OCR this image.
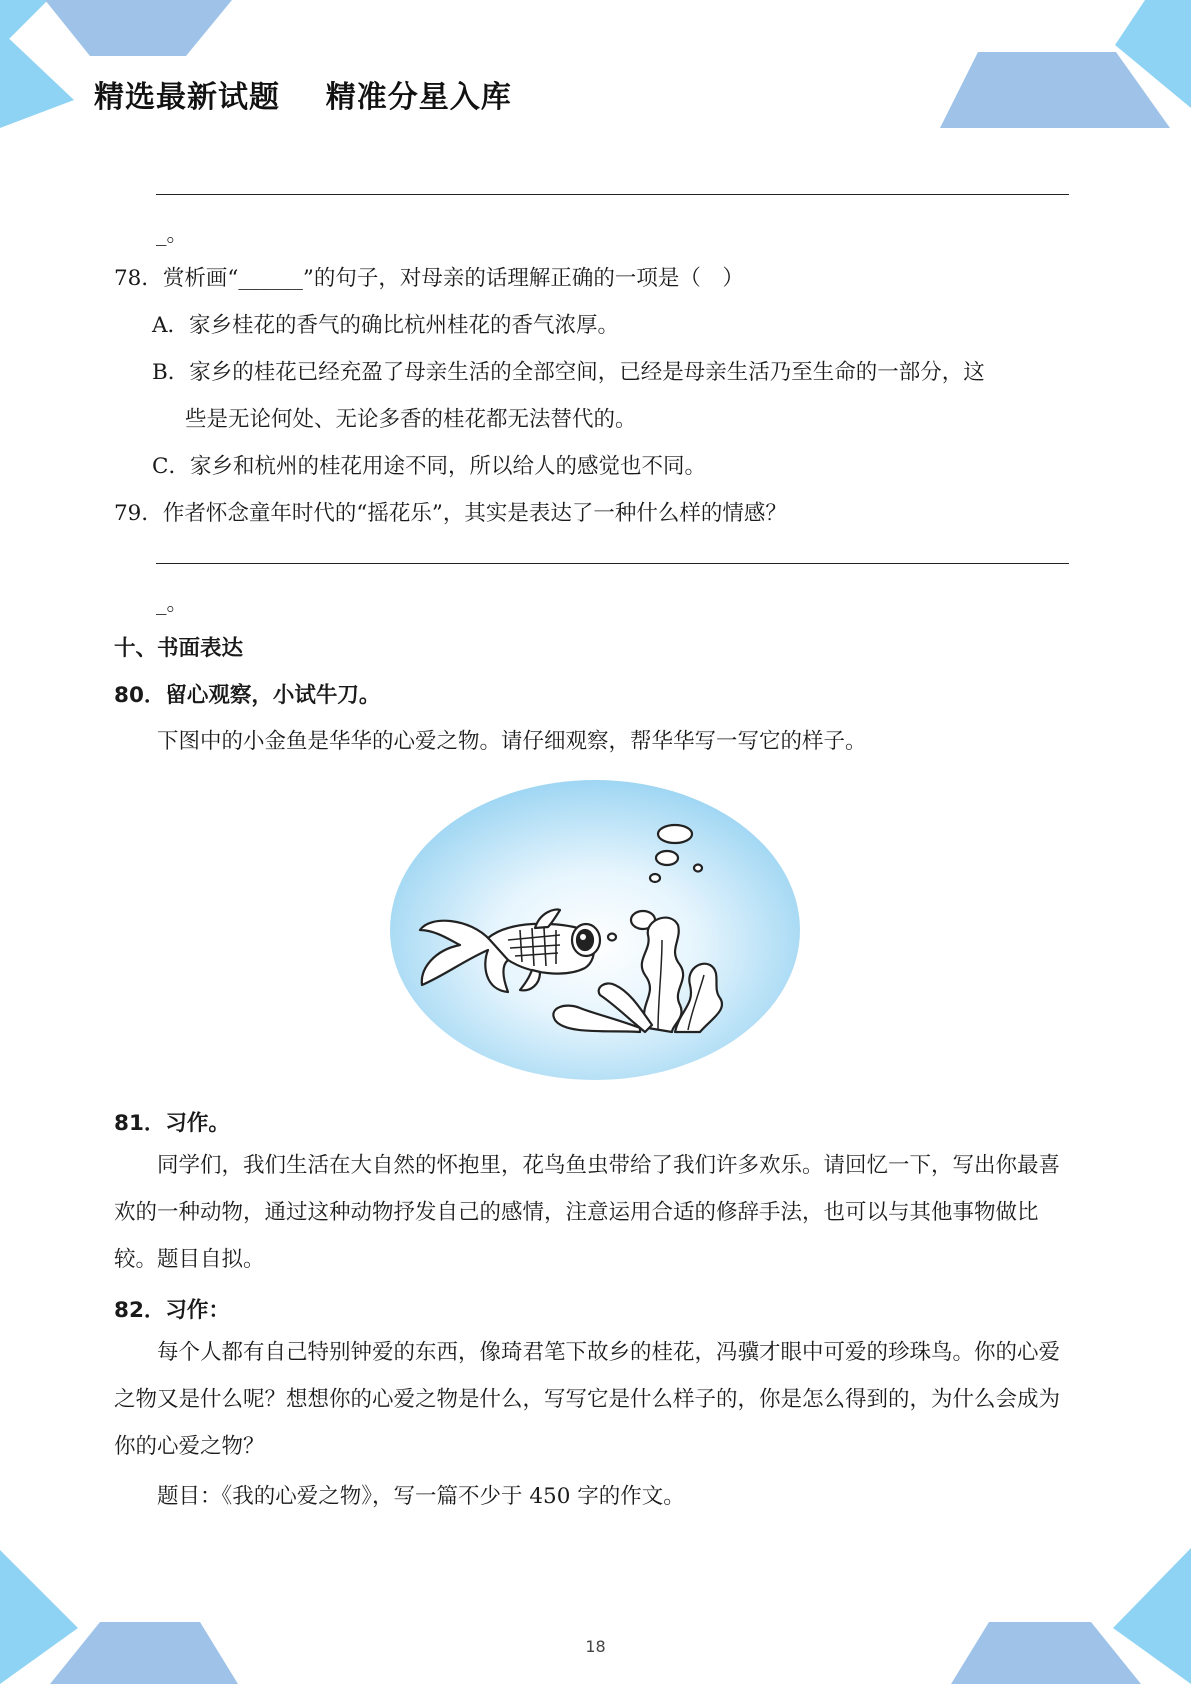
精选最新试题    精准分星入库
_。
78．赏析画“______”的句子，对母亲的话理解正确的一项是（　）
A．家乡桂花的香气的确比杭州桂花的香气浓厚。
B．家乡的桂花已经充盈了母亲生活的全部空间，已经是母亲生活乃至生命的一部分，这
些是无论何处、无论多香的桂花都无法替代的。
C．家乡和杭州的桂花用途不同，所以给人的感觉也不同。
79．作者怀念童年时代的“摇花乐”，其实是表达了一种什么样的情感？
_。
十、书面表达
80．留心观察，小试牛刀。
下图中的小金鱼是华华的心爱之物。请仔细观察，帮华华写一写它的样子。
81．习作。
同学们，我们生活在大自然的怀抱里，花鸟鱼虫带给了我们许多欢乐。请回忆一下，写出你最喜欢的一种动物，通过这种动物抒发自己的感情，注意运用合适的修辞手法，也可以与其他事物做比较。题目自拟。
82．习作：
每个人都有自己特别钟爱的东西，像琦君笔下故乡的桂花，冯骥才眼中可爱的珍珠鸟。你的心爱之物又是什么呢？想想你的心爱之物是什么，写写它是什么样子的，你是怎么得到的，为什么会成为你的心爱之物？
题目：《我的心爱之物》，写一篇不少于 450 字的作文。
18
